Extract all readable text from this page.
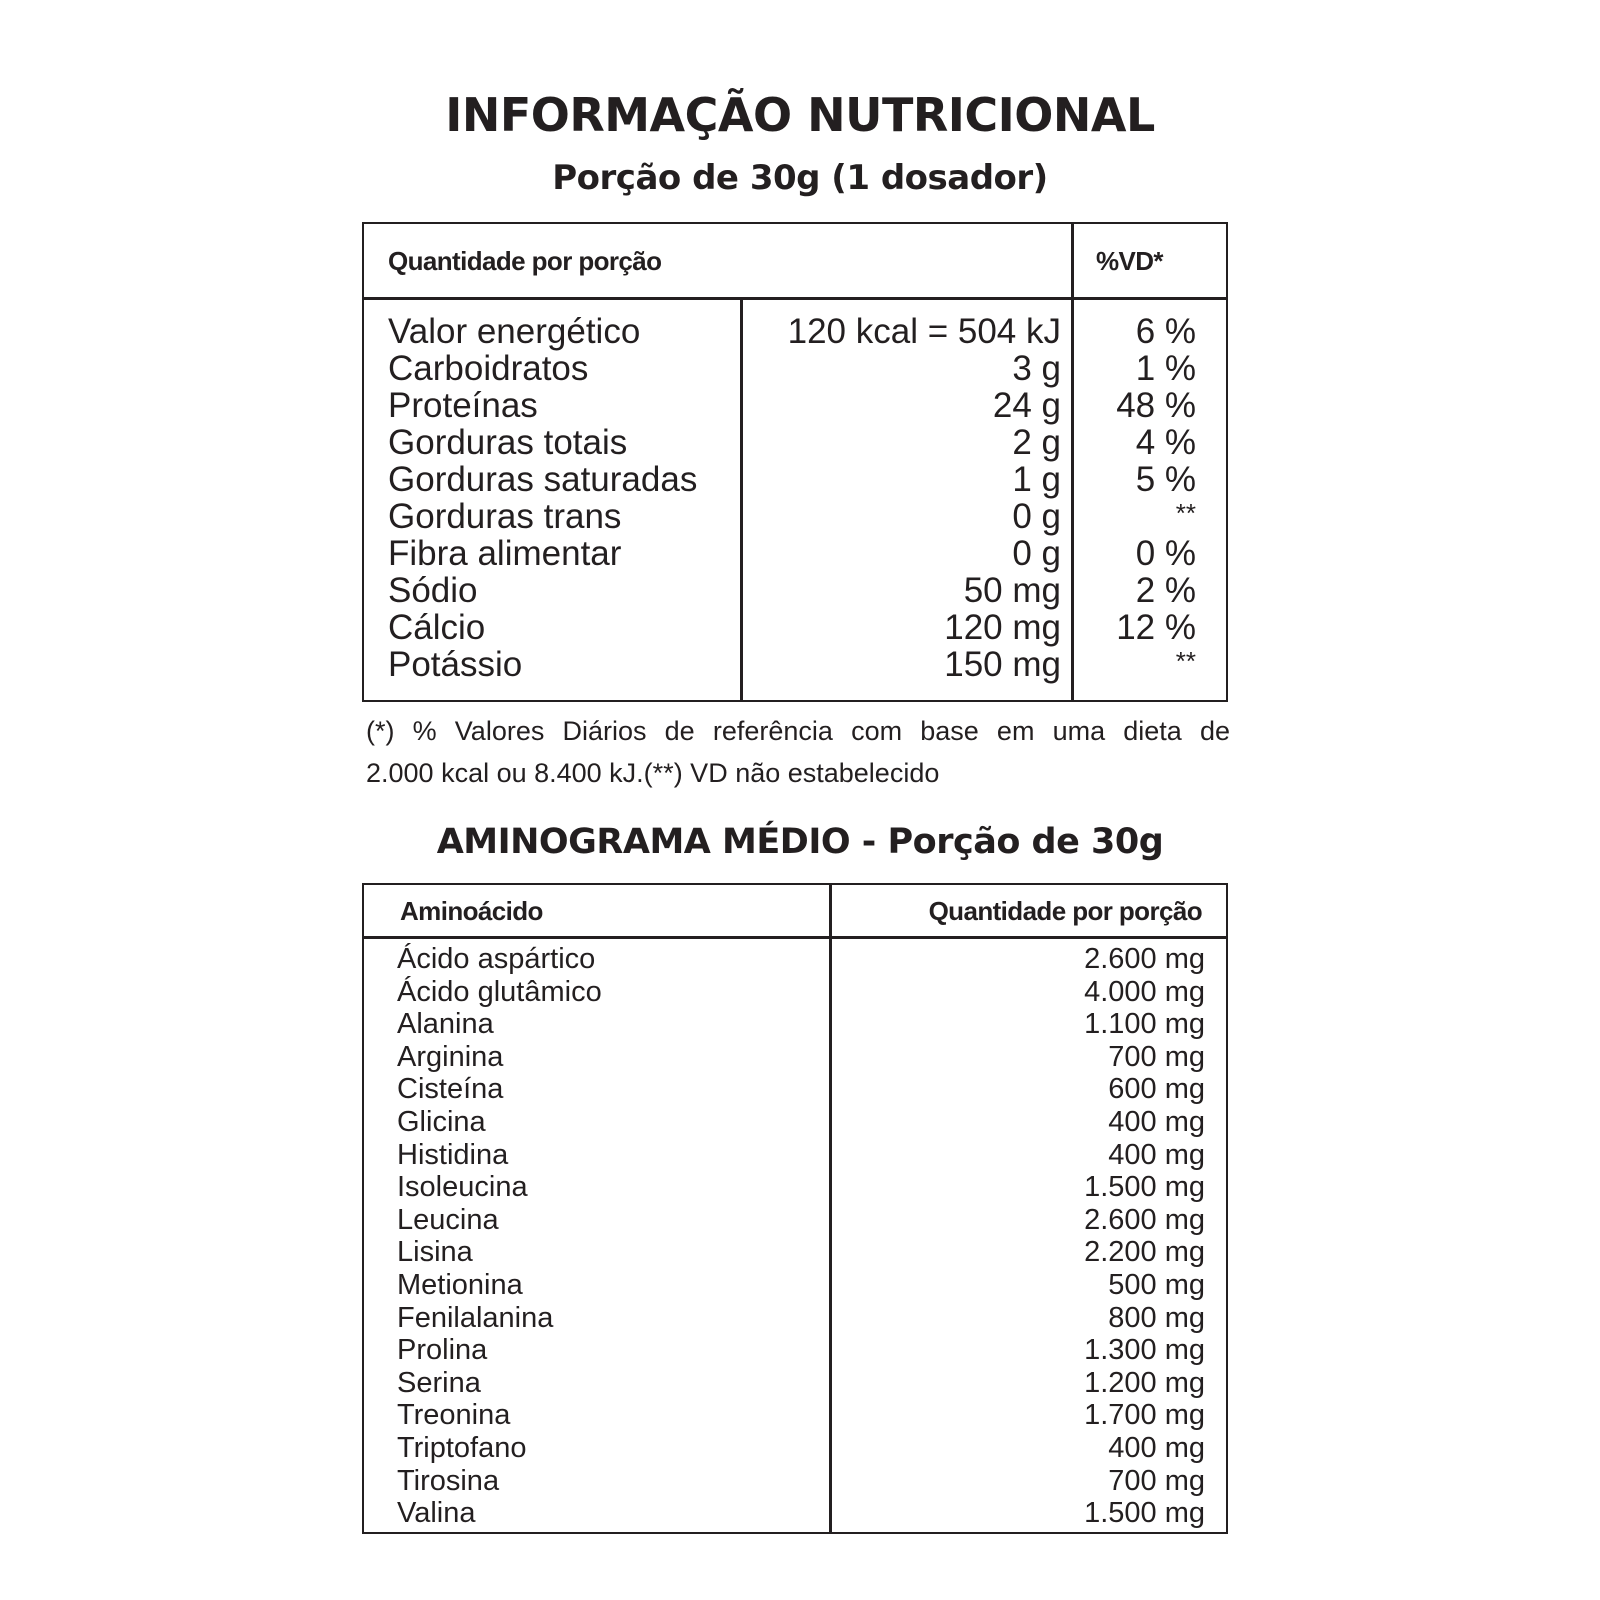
INFORMAÇÃO NUTRICIONAL
Porção de 30g (1 dosador)
Quantidade por porção	%VD*
Valor energético	120 kcal = 504 kJ 6 %
Carboidratos	3 g 1 %
Proteínas	24 g 48 %
Gorduras totais	2 g 4 %
Gorduras saturadas	1 g 5 %
Gorduras trans	0 g	**
Fibra alimentar	0 g 0 %
Sódio	50 mg 2 %
Cálcio	120 mg 12 %
Potássio	150 mg	**
(*) % Valores Diários de referência com base em uma dieta de
2.000 kcal ou 8.400 kJ.(**) VD não estabelecido
AMINOGRAMA MÉDIO - Porção de 30g
Aminoácido	Quantidade por porção
Ácido aspártico	2.600 mg
Ácido glutâmico	4.000 mg
Alanina	1.100 mg
Arginina	700 mg
Cisteína	600 mg
Glicina	400 mg
Histidina	400 mg
Isoleucina	1.500 mg
Leucina	2.600 mg
Lisina	2.200 mg
Metionina	500 mg
Fenilalanina	800 mg
Prolina	1.300 mg
Serina	1.200 mg
Treonina	1.700 mg
Triptofano	400 mg
Tirosina	700 mg
Valina	1.500 mg
